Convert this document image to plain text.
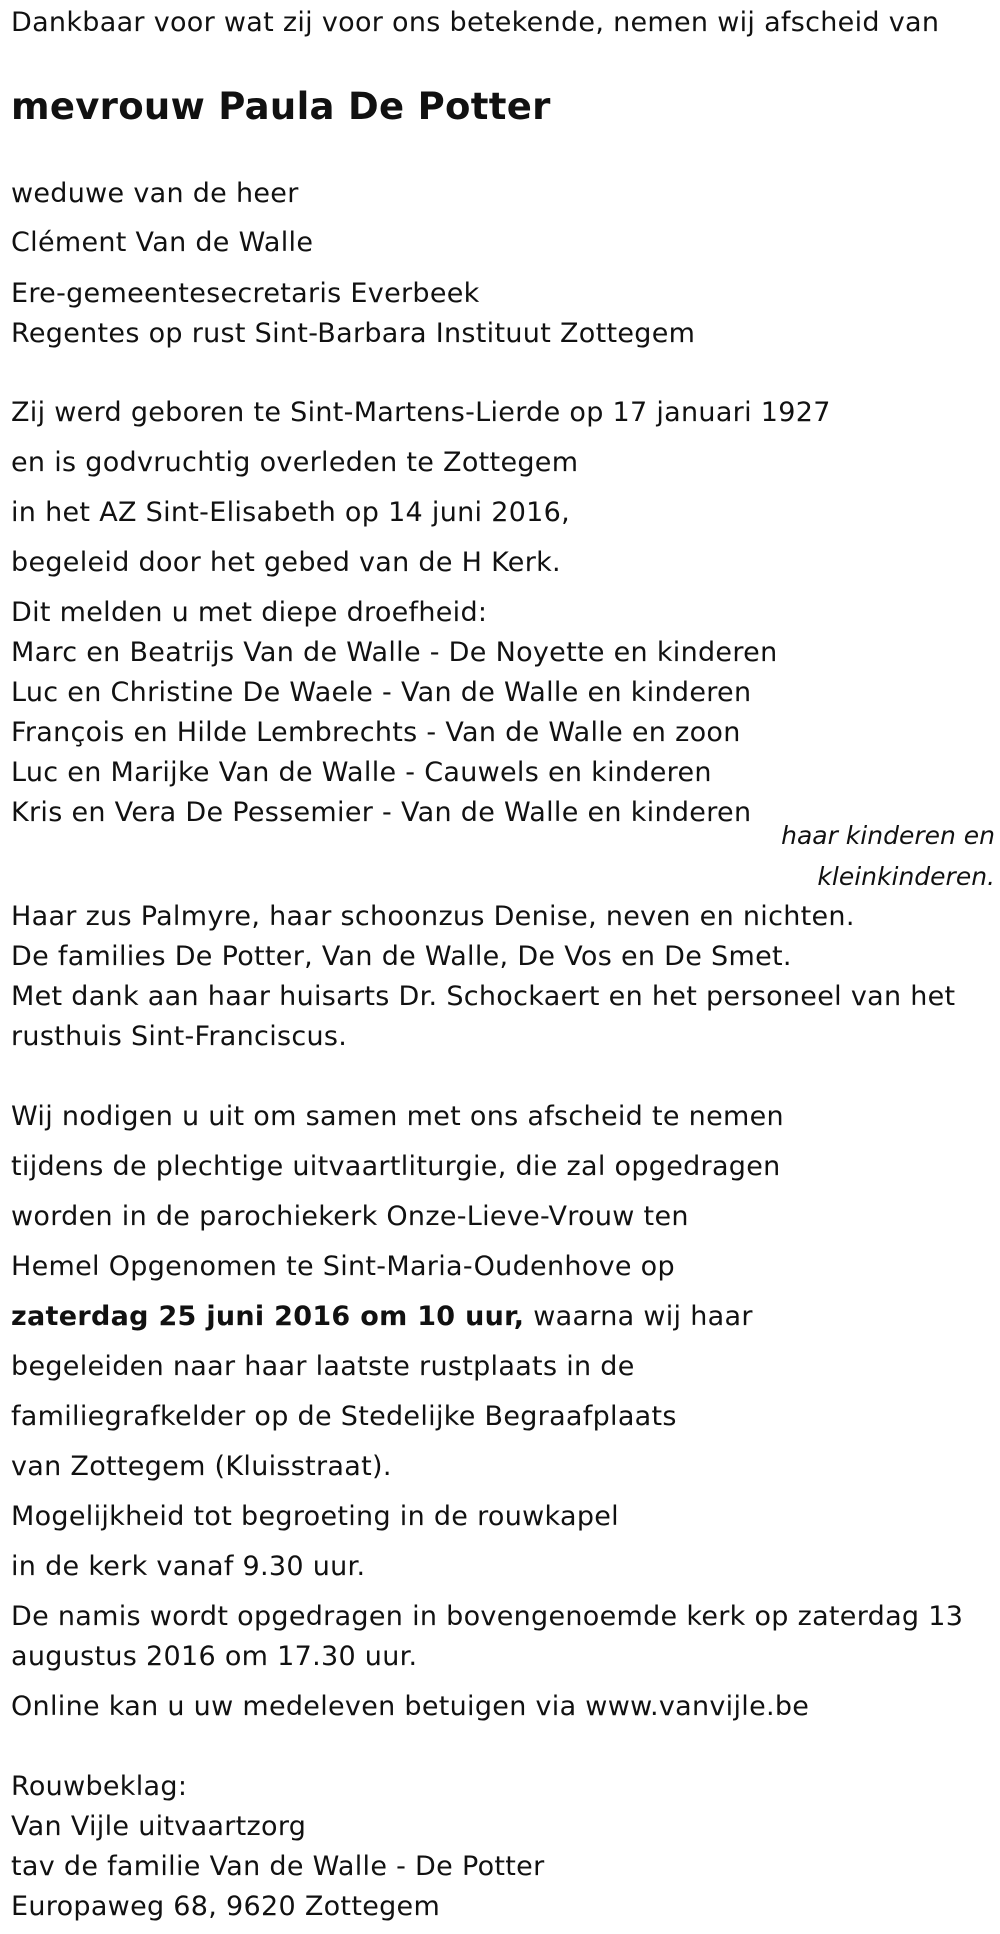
Dankbaar voor wat zij voor ons betekende, nemen wij afscheid van
mevrouw Paula De Potter
weduwe van de heer
Clément Van de Walle
Ere-gemeentesecretaris Everbeek
Regentes op rust Sint-Barbara Instituut Zottegem
Zij werd geboren te Sint-Martens-Lierde op 17 januari 1927
en is godvruchtig overleden te Zottegem
in het AZ Sint-Elisabeth op 14 juni 2016,
begeleid door het gebed van de H Kerk.
Dit melden u met diepe droefheid:
Marc en Beatrijs Van de Walle - De Noyette en kinderen
Luc en Christine De Waele - Van de Walle en kinderen
François en Hilde Lembrechts - Van de Walle en zoon
Luc en Marijke Van de Walle - Cauwels en kinderen
Kris en Vera De Pessemier - Van de Walle en kinderen
haar kinderen en
kleinkinderen.
Haar zus Palmyre, haar schoonzus Denise, neven en nichten.
De families De Potter, Van de Walle, De Vos en De Smet.
Met dank aan haar huisarts Dr. Schockaert en het personeel van het
rusthuis Sint-Franciscus.
Wij nodigen u uit om samen met ons afscheid te nemen
tijdens de plechtige uitvaartliturgie, die zal opgedragen
worden in de parochiekerk Onze-Lieve-Vrouw ten
Hemel Opgenomen te Sint-Maria-Oudenhove op
zaterdag 25 juni 2016 om 10 uur, waarna wij haar
begeleiden naar haar laatste rustplaats in de
familiegrafkelder op de Stedelijke Begraafplaats
van Zottegem (Kluisstraat).
Mogelijkheid tot begroeting in de rouwkapel
in de kerk vanaf 9.30 uur.
De namis wordt opgedragen in bovengenoemde kerk op zaterdag 13
augustus 2016 om 17.30 uur.
Online kan u uw medeleven betuigen via www.vanvijle.be
Rouwbeklag:
Van Vijle uitvaartzorg
tav de familie Van de Walle - De Potter
Europaweg 68, 9620 Zottegem
